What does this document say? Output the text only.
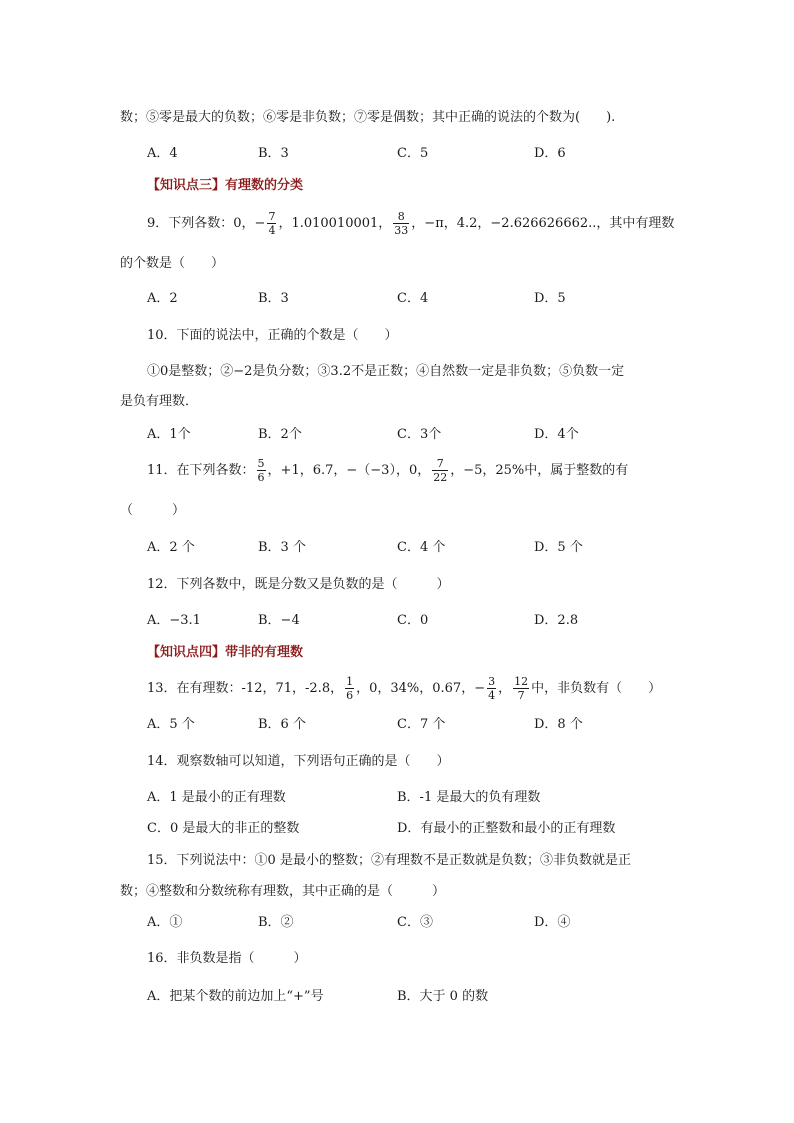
数；⑤零是最大的负数；⑥零是非负数；⑦零是偶数；其中正确的说法的个数为(　　).
A．4	B．3	C．5	D．6
【知识点三】有理数的分类
9．下列各数：0，− $\frac{7}{4}$ ，1.010010001， $\frac{8}{33}$ ，−π，4.2，−2.626626662..，其中有理数
的个数是（　　）
A．2	B．3	C．4	D．5
10．下面的说法中，正确的个数是（　　）
①0是整数；②−2是负分数；③3.2不是正数；④自然数一定是非负数；⑤负数一定
是负有理数．
A．1个	B．2个	C．3个	D．4个
11．在下列各数： $\frac{5}{6}$ ，+1，6.7，−（−3），0， $\frac{7}{22}$ ，−5，25%中，属于整数的有
（　　　）
A．2 个	B．3 个	C．4 个	D．5 个
12．下列各数中，既是分数又是负数的是（　　　）
A．−3.1	B．−4	C．0	D．2.8
【知识点四】带非的有理数
13．在有理数：-12，71，-2.8， $\frac{1}{6}$ ，0，34%，0.67，− $\frac{3}{4}$ ， $\frac{12}{7}$ 中，非负数有（　　）
A．5 个	B．6 个	C．7 个	D．8 个
14．观察数轴可以知道，下列语句正确的是（　　）
A．1 是最小的正有理数	B．-1 是最大的负有理数
C．0 是最大的非正的整数	D．有最小的正整数和最小的正有理数
15．下列说法中：①0 是最小的整数；②有理数不是正数就是负数；③非负数就是正
数；④整数和分数统称有理数，其中正确的是（　　　）
A．①	B．②	C．③	D．④
16．非负数是指（　　　）
A．把某个数的前边加上“+”号	B．大于 0 的数
